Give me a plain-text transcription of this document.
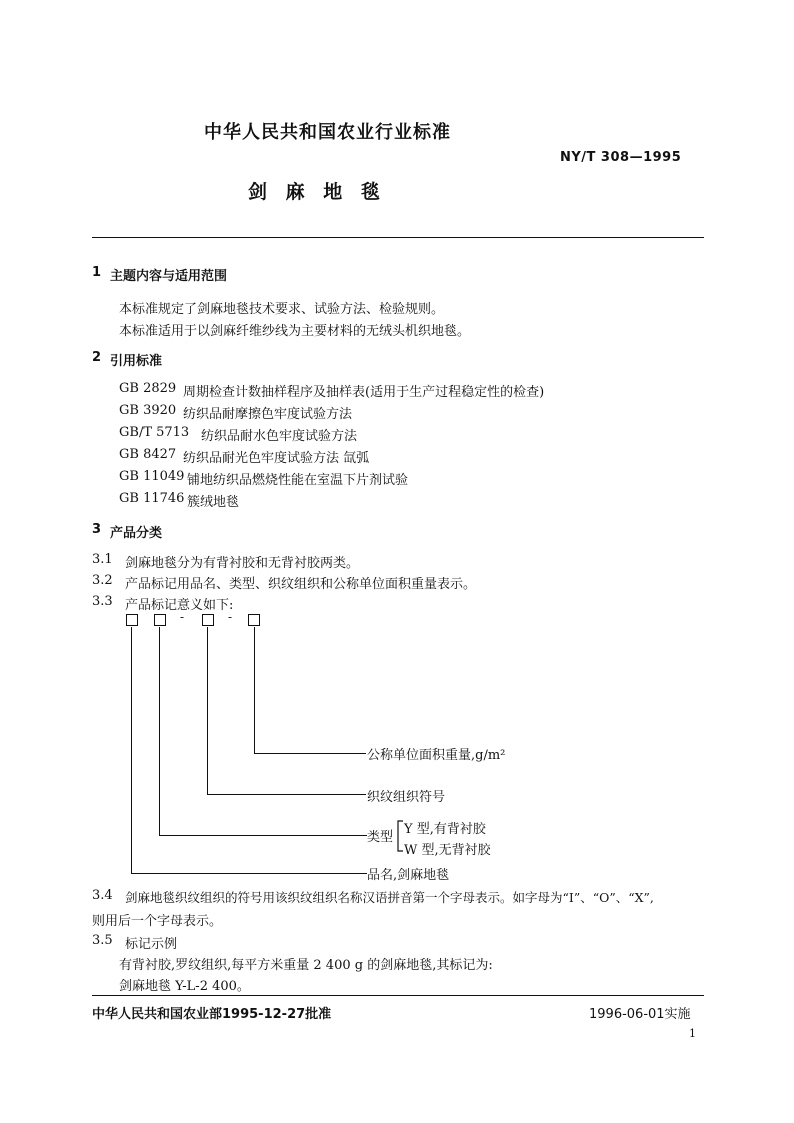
中华人民共和国农业行业标准
NY/T 308—1995
剑 麻 地 毯
1 主题内容与适用范围
本标准规定了剑麻地毯技术要求、试验方法、检验规则。
本标准适用于以剑麻纤维纱线为主要材料的无绒头机织地毯。
2 引用标准
GB 2829 周期检查计数抽样程序及抽样表(适用于生产过程稳定性的检查)
GB 3920 纺织品耐摩擦色牢度试验方法
GB/T 5713 纺织品耐水色牢度试验方法
GB 8427 纺织品耐光色牢度试验方法 氙弧
GB 11049 铺地纺织品燃烧性能在室温下片剂试验
GB 11746 簇绒地毯
3 产品分类
3.1 剑麻地毯分为有背衬胶和无背衬胶两类。
3.2 产品标记用品名、类型、织纹组织和公称单位面积重量表示。
3.3 产品标记意义如下:
-	-
公称单位面积重量,g/m²
织纹组织符号
类型
Y 型,有背衬胶
W 型,无背衬胶
品名,剑麻地毯
3.4 剑麻地毯织纹组织的符号用该织纹组织名称汉语拼音第一个字母表示。如字母为“I”、“O”、“X”,
则用后一个字母表示。
3.5 标记示例
有背衬胶,罗纹组织,每平方米重量 2 400 g 的剑麻地毯,其标记为:
剑麻地毯 Y-L-2 400。
中华人民共和国农业部1995-12-27批准	1996-06-01实施
1
